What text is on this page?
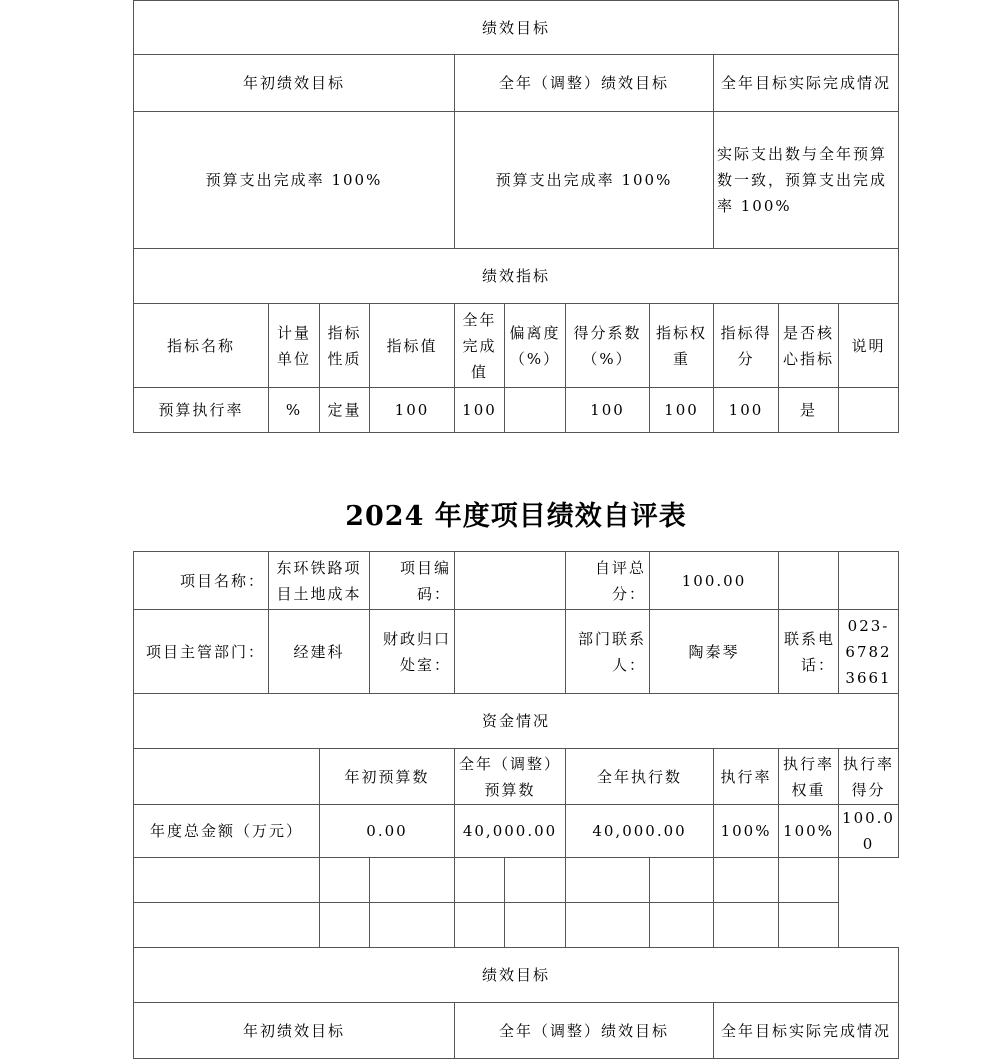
绩效目标										
年初绩效目标				全年（调整）绩效目标				全年目标实际完成情况		
预算支出完成率 100%				预算支出完成率 100%				实际支出数与全年预算数一致，预算支出完成率 100%		
绩效指标										
指标名称	计量单位	指标性质	指标值	全年完成值	偏离度（%）	得分系数（%）	指标权重	指标得分	是否核心指标	说明
预算执行率	%	定量	100	100		100	100	100	是	
2024 年度项目绩效自评表
项目名称：	东环铁路项目土地成本		项目编码：			自评总分：	100.00			
项目主管部门：	经建科		财政归口处室：			部门联系人：	陶秦琴		联系电话：	023-67823661
资金情况										
		年初预算数		全年（调整）预算数		全年执行数		执行率	执行率权重	执行率得分
年度总金额（万元）		0.00		40,000.00		40,000.00		100%	100%	100.00

绩效目标										
年初绩效目标				全年（调整）绩效目标				全年目标实际完成情况		
